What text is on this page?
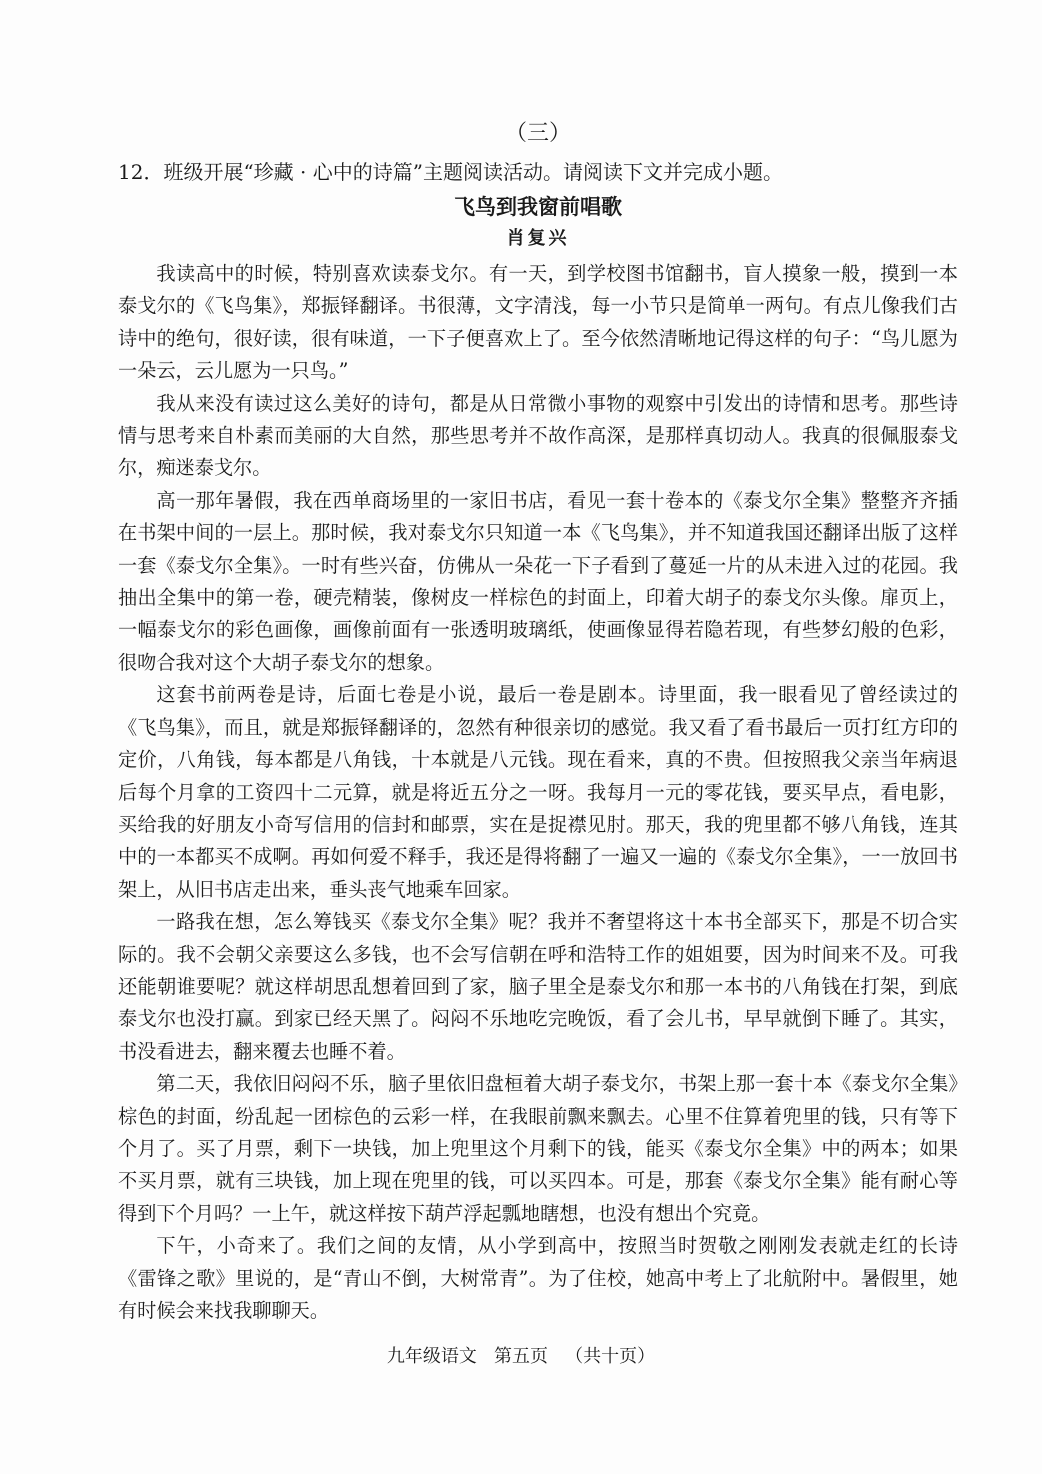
（三）

12．班级开展“珍藏 · 心中的诗篇”主题阅读活动。请阅读下文并完成小题。

飞鸟到我窗前唱歌

肖复兴

我读高中的时候，特别喜欢读泰戈尔。有一天，到学校图书馆翻书，盲人摸象一般，摸到一本泰戈尔的《飞鸟集》，郑振铎翻译。书很薄，文字清浅，每一小节只是简单一两句。有点儿像我们古诗中的绝句，很好读，很有味道，一下子便喜欢上了。至今依然清晰地记得这样的句子：“鸟儿愿为一朵云，云儿愿为一只鸟。”

我从来没有读过这么美好的诗句，都是从日常微小事物的观察中引发出的诗情和思考。那些诗情与思考来自朴素而美丽的大自然，那些思考并不故作高深，是那样真切动人。我真的很佩服泰戈尔，痴迷泰戈尔。

高一那年暑假，我在西单商场里的一家旧书店，看见一套十卷本的《泰戈尔全集》整整齐齐插在书架中间的一层上。那时候，我对泰戈尔只知道一本《飞鸟集》，并不知道我国还翻译出版了这样一套《泰戈尔全集》。一时有些兴奋，仿佛从一朵花一下子看到了蔓延一片的从未进入过的花园。我抽出全集中的第一卷，硬壳精装，像树皮一样棕色的封面上，印着大胡子的泰戈尔头像。扉页上，一幅泰戈尔的彩色画像，画像前面有一张透明玻璃纸，使画像显得若隐若现，有些梦幻般的色彩，很吻合我对这个大胡子泰戈尔的想象。

这套书前两卷是诗，后面七卷是小说，最后一卷是剧本。诗里面，我一眼看见了曾经读过的《飞鸟集》，而且，就是郑振铎翻译的，忽然有种很亲切的感觉。我又看了看书最后一页打红方印的定价，八角钱，每本都是八角钱，十本就是八元钱。现在看来，真的不贵。但按照我父亲当年病退后每个月拿的工资四十二元算，就是将近五分之一呀。我每月一元的零花钱，要买早点，看电影，买给我的好朋友小奇写信用的信封和邮票，实在是捉襟见肘。那天，我的兜里都不够八角钱，连其中的一本都买不成啊。再如何爱不释手，我还是得将翻了一遍又一遍的《泰戈尔全集》，一一放回书架上，从旧书店走出来，垂头丧气地乘车回家。

一路我在想，怎么筹钱买《泰戈尔全集》呢？我并不奢望将这十本书全部买下，那是不切合实际的。我不会朝父亲要这么多钱，也不会写信朝在呼和浩特工作的姐姐要，因为时间来不及。可我还能朝谁要呢？就这样胡思乱想着回到了家，脑子里全是泰戈尔和那一本书的八角钱在打架，到底泰戈尔也没打赢。到家已经天黑了。闷闷不乐地吃完晚饭，看了会儿书，早早就倒下睡了。其实，书没看进去，翻来覆去也睡不着。

第二天，我依旧闷闷不乐，脑子里依旧盘桓着大胡子泰戈尔，书架上那一套十本《泰戈尔全集》棕色的封面，纷乱起一团棕色的云彩一样，在我眼前飘来飘去。心里不住算着兜里的钱，只有等下个月了。买了月票，剩下一块钱，加上兜里这个月剩下的钱，能买《泰戈尔全集》中的两本；如果不买月票，就有三块钱，加上现在兜里的钱，可以买四本。可是，那套《泰戈尔全集》能有耐心等得到下个月吗？一上午，就这样按下葫芦浮起瓢地瞎想，也没有想出个究竟。

下午，小奇来了。我们之间的友情，从小学到高中，按照当时贺敬之刚刚发表就走红的长诗《雷锋之歌》里说的，是“青山不倒，大树常青”。为了住校，她高中考上了北航附中。暑假里，她有时候会来找我聊聊天。

九年级语文   第五页   （共十页）
